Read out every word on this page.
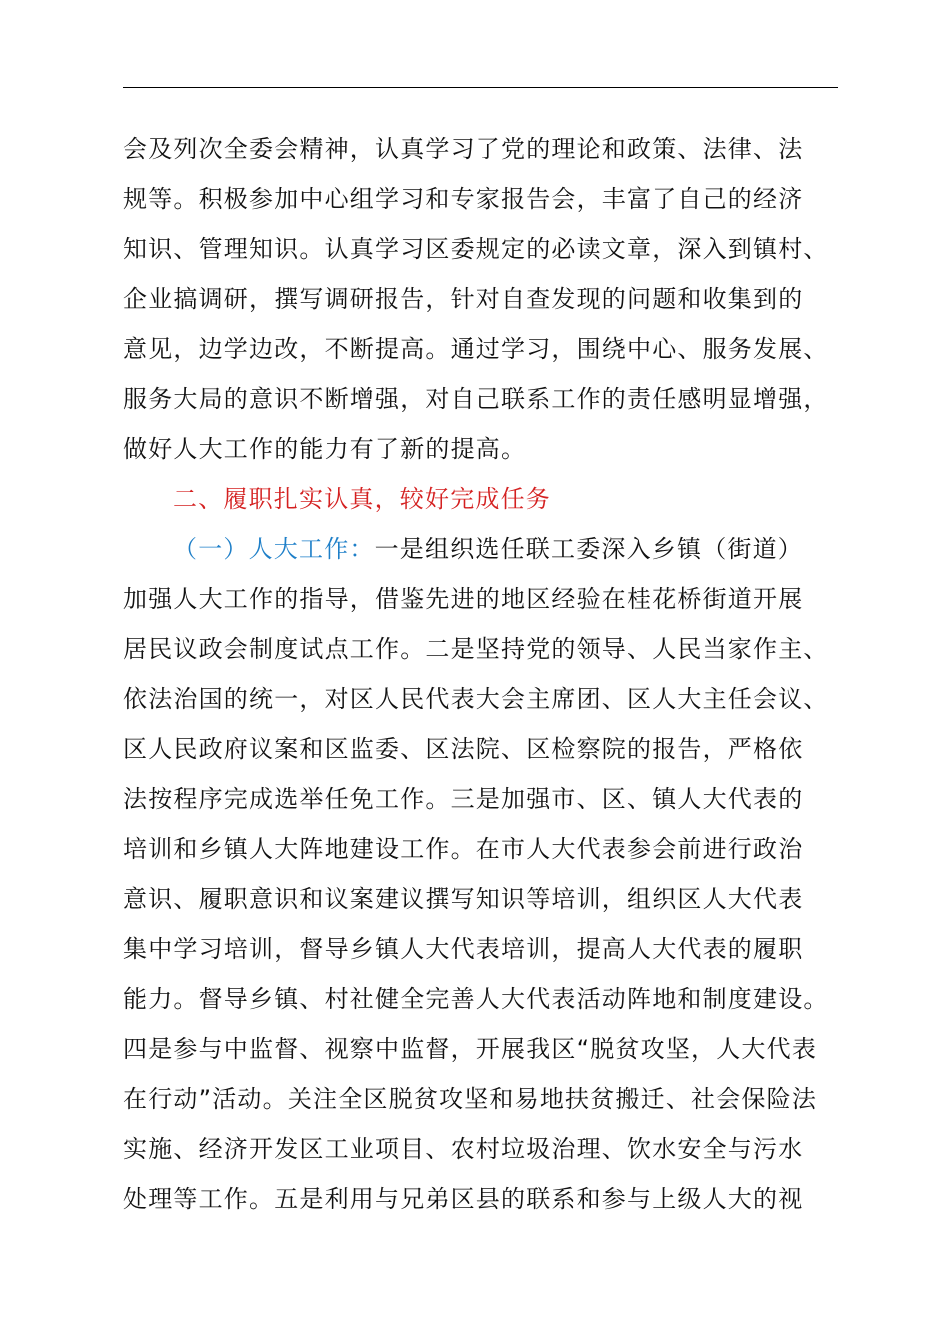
会及列次全委会精神，认真学习了党的理论和政策、法律、法
规等。积极参加中心组学习和专家报告会，丰富了自己的经济
知识、管理知识。认真学习区委规定的必读文章，深入到镇村、
企业搞调研，撰写调研报告，针对自查发现的问题和收集到的
意见，边学边改，不断提高。通过学习，围绕中心、服务发展、
服务大局的意识不断增强，对自己联系工作的责任感明显增强，
做好人大工作的能力有了新的提高。
二、履职扎实认真，较好完成任务
（一）人大工作：一是组织选任联工委深入乡镇（街道）
加强人大工作的指导，借鉴先进的地区经验在桂花桥街道开展
居民议政会制度试点工作。二是坚持党的领导、人民当家作主、
依法治国的统一，对区人民代表大会主席团、区人大主任会议、
区人民政府议案和区监委、区法院、区检察院的报告，严格依
法按程序完成选举任免工作。三是加强市、区、镇人大代表的
培训和乡镇人大阵地建设工作。在市人大代表参会前进行政治
意识、履职意识和议案建议撰写知识等培训，组织区人大代表
集中学习培训，督导乡镇人大代表培训，提高人大代表的履职
能力。督导乡镇、村社健全完善人大代表活动阵地和制度建设。
四是参与中监督、视察中监督，开展我区“脱贫攻坚，人大代表
在行动”活动。关注全区脱贫攻坚和易地扶贫搬迁、社会保险法
实施、经济开发区工业项目、农村垃圾治理、饮水安全与污水
处理等工作。五是利用与兄弟区县的联系和参与上级人大的视
